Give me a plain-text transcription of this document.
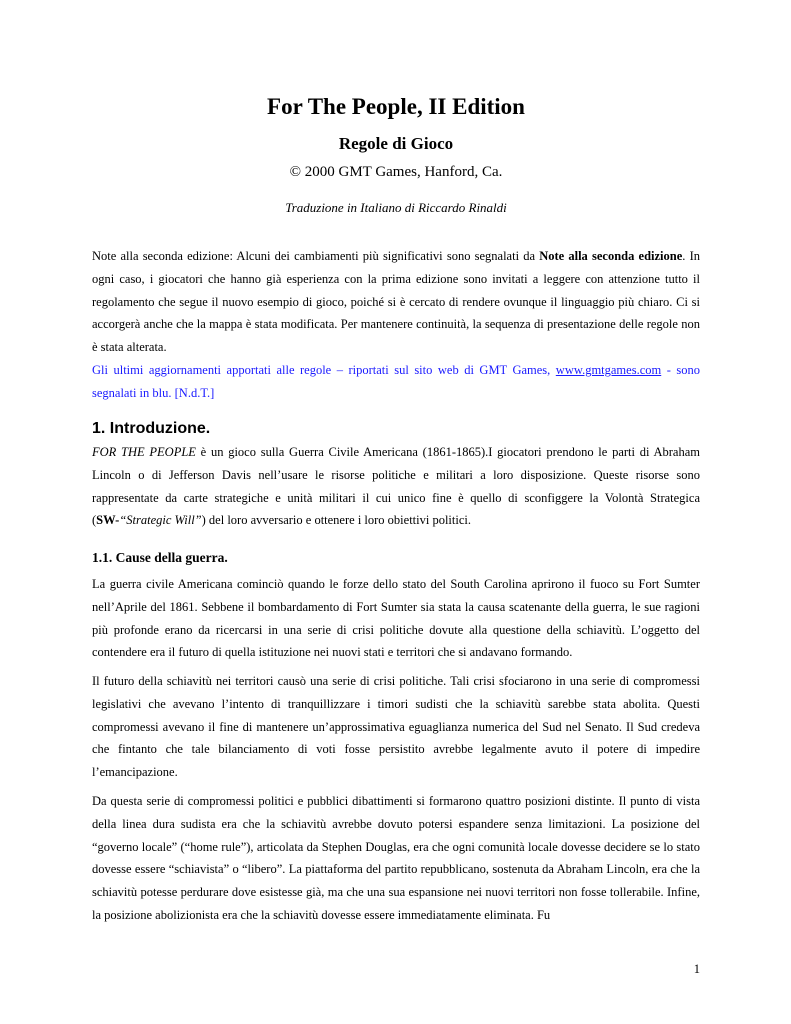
For The People, II Edition
Regole di Gioco

© 2000 GMT Games, Hanford, Ca.

Traduzione in Italiano di Riccardo Rinaldi

Note alla seconda edizione: Alcuni dei cambiamenti più significativi sono segnalati da Note alla seconda edizione. In ogni caso, i giocatori che hanno già esperienza con la prima edizione sono invitati a leggere con attenzione tutto il regolamento che segue il nuovo esempio di gioco, poiché si è cercato di rendere ovunque il linguaggio più chiaro. Ci si accorgerà anche che la mappa è stata modificata. Per mantenere continuità, la sequenza di presentazione delle regole non è stata alterata.

Gli ultimi aggiornamenti apportati alle regole – riportati sul sito web di GMT Games, www.gmtgames.com - sono segnalati in blu. [N.d.T.]

1. Introduzione.

FOR THE PEOPLE è un gioco sulla Guerra Civile Americana (1861-1865).I giocatori prendono le parti di Abraham Lincoln o di Jefferson Davis nell’usare le risorse politiche e militari a loro disposizione. Queste risorse sono rappresentate da carte strategiche e unità militari il cui unico fine è quello di sconfiggere la Volontà Strategica (SW-“Strategic Will”) del loro avversario e ottenere i loro obiettivi politici.

1.1. Cause della guerra.

La guerra civile Americana cominciò quando le forze dello stato del South Carolina aprirono il fuoco su Fort Sumter nell’Aprile del 1861. Sebbene il bombardamento di Fort Sumter sia stata la causa scatenante della guerra, le sue ragioni più profonde erano da ricercarsi in una serie di crisi politiche dovute alla questione della schiavitù. L’oggetto del contendere era il futuro di quella istituzione nei nuovi stati e territori che si andavano formando.

Il futuro della schiavitù nei territori causò una serie di crisi politiche. Tali crisi sfociarono in una serie di compromessi legislativi che avevano l’intento di tranquillizzare i timori sudisti che la schiavitù sarebbe stata abolita. Questi compromessi avevano il fine di mantenere un’approssimativa eguaglianza numerica del Sud nel Senato. Il Sud credeva che fintanto che tale bilanciamento di voti fosse persistito avrebbe legalmente avuto il potere di impedire l’emancipazione.

Da questa serie di compromessi politici e pubblici dibattimenti si formarono quattro posizioni distinte. Il punto di vista della linea dura sudista era che la schiavitù avrebbe dovuto potersi espandere senza limitazioni. La posizione del “governo locale” (“home rule”), articolata da Stephen Douglas, era che ogni comunità locale dovesse decidere se lo stato dovesse essere “schiavista” o “libero”. La piattaforma del partito repubblicano, sostenuta da Abraham Lincoln, era che la schiavitù potesse perdurare dove esistesse già, ma che una sua espansione nei nuovi territori non fosse tollerabile. Infine, la posizione abolizionista era che la schiavitù dovesse essere immediatamente eliminata. Fu

1
